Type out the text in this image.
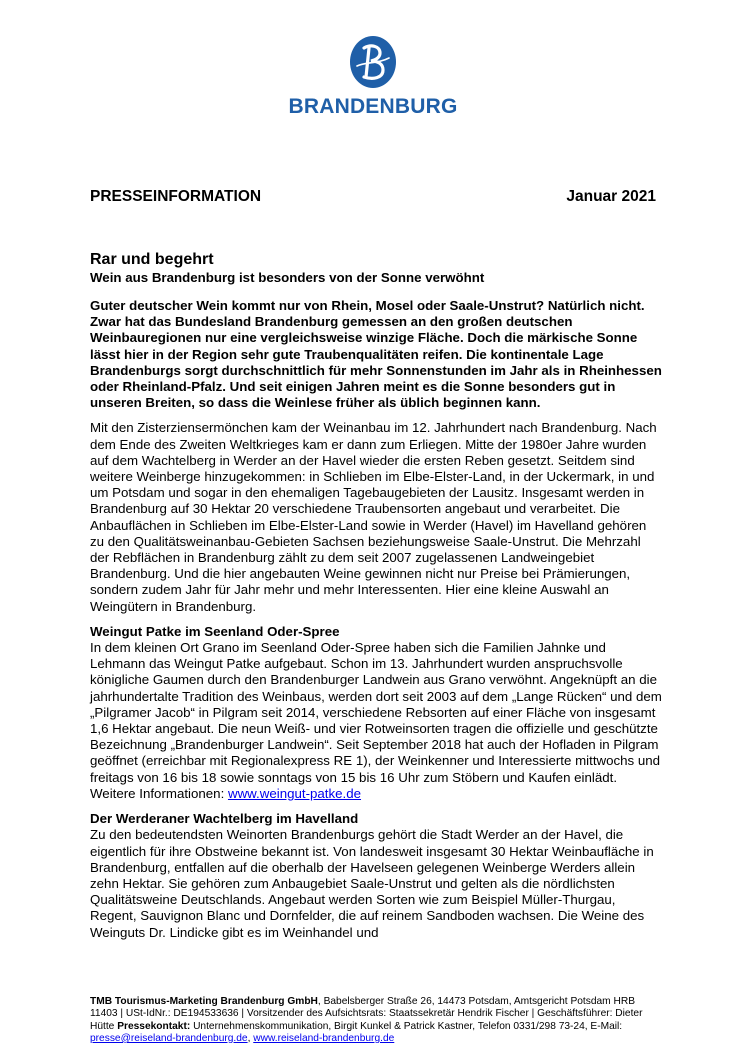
BRANDENBURG
PRESSEINFORMATION	Januar 2021
Rar und begehrt
Wein aus Brandenburg ist besonders von der Sonne verwöhnt

Guter deutscher Wein kommt nur von Rhein, Mosel oder Saale-Unstrut? Natürlich nicht. Zwar hat das Bundesland Brandenburg gemessen an den großen deutschen Weinbauregionen nur eine vergleichsweise winzige Fläche. Doch die märkische Sonne lässt hier in der Region sehr gute Traubenqualitäten reifen. Die kontinentale Lage Brandenburgs sorgt durchschnittlich für mehr Sonnenstunden im Jahr als in Rheinhessen oder Rheinland-Pfalz. Und seit einigen Jahren meint es die Sonne besonders gut in unseren Breiten, so dass die Weinlese früher als üblich beginnen kann.

Mit den Zisterziensermönchen kam der Weinanbau im 12. Jahrhundert nach Brandenburg. Nach dem Ende des Zweiten Weltkrieges kam er dann zum Erliegen. Mitte der 1980er Jahre wurden auf dem Wachtelberg in Werder an der Havel wieder die ersten Reben gesetzt. Seitdem sind weitere Weinberge hinzugekommen: in Schlieben im Elbe-Elster-Land, in der Uckermark, in und um Potsdam und sogar in den ehemaligen Tagebaugebieten der Lausitz. Insgesamt werden in Brandenburg auf 30 Hektar 20 verschiedene Traubensorten angebaut und verarbeitet. Die Anbauflächen in Schlieben im Elbe-Elster-Land sowie in Werder (Havel) im Havelland gehören zu den Qualitätsweinanbau-Gebieten Sachsen beziehungsweise Saale-Unstrut. Die Mehrzahl der Rebflächen in Brandenburg zählt zu dem seit 2007 zugelassenen Landweingebiet Brandenburg. Und die hier angebauten Weine gewinnen nicht nur Preise bei Prämierungen, sondern zudem Jahr für Jahr mehr und mehr Interessenten. Hier eine kleine Auswahl an Weingütern in Brandenburg.

Weingut Patke im Seenland Oder-Spree

In dem kleinen Ort Grano im Seenland Oder-Spree haben sich die Familien Jahnke und Lehmann das Weingut Patke aufgebaut. Schon im 13. Jahrhundert wurden anspruchsvolle königliche Gaumen durch den Brandenburger Landwein aus Grano verwöhnt. Angeknüpft an die jahrhundertalte Tradition des Weinbaus, werden dort seit 2003 auf dem „Lange Rücken“ und dem „Pilgramer Jacob“ in Pilgram seit 2014, verschiedene Rebsorten auf einer Fläche von insgesamt 1,6 Hektar angebaut. Die neun Weiß- und vier Rotweinsorten tragen die offizielle und geschützte Bezeichnung „Brandenburger Landwein“. Seit September 2018 hat auch der Hofladen in Pilgram geöffnet (erreichbar mit Regionalexpress RE 1), der Weinkenner und Interessierte mittwochs und freitags von 16 bis 18 sowie sonntags von 15 bis 16 Uhr zum Stöbern und Kaufen einlädt. Weitere Informationen: www.weingut-patke.de

Der Werderaner Wachtelberg im Havelland

Zu den bedeutendsten Weinorten Brandenburgs gehört die Stadt Werder an der Havel, die eigentlich für ihre Obstweine bekannt ist. Von landesweit insgesamt 30 Hektar Weinbaufläche in Brandenburg, entfallen auf die oberhalb der Havelseen gelegenen Weinberge Werders allein zehn Hektar. Sie gehören zum Anbaugebiet Saale-Unstrut und gelten als die nördlichsten Qualitätsweine Deutschlands. Angebaut werden Sorten wie zum Beispiel Müller-Thurgau, Regent, Sauvignon Blanc und Dornfelder, die auf reinem Sandboden wachsen. Die Weine des Weinguts Dr. Lindicke gibt es im Weinhandel und

TMB Tourismus-Marketing Brandenburg GmbH, Babelsberger Straße 26, 14473 Potsdam, Amtsgericht Potsdam HRB 11403 | USt-IdNr.: DE194533636 | Vorsitzender des Aufsichtsrats: Staatssekretär Hendrik Fischer | Geschäftsführer: Dieter Hütte Pressekontakt: Unternehmenskommunikation, Birgit Kunkel & Patrick Kastner, Telefon 0331/298 73-24, E-Mail: presse@reiseland-brandenburg.de, www.reiseland-brandenburg.de
